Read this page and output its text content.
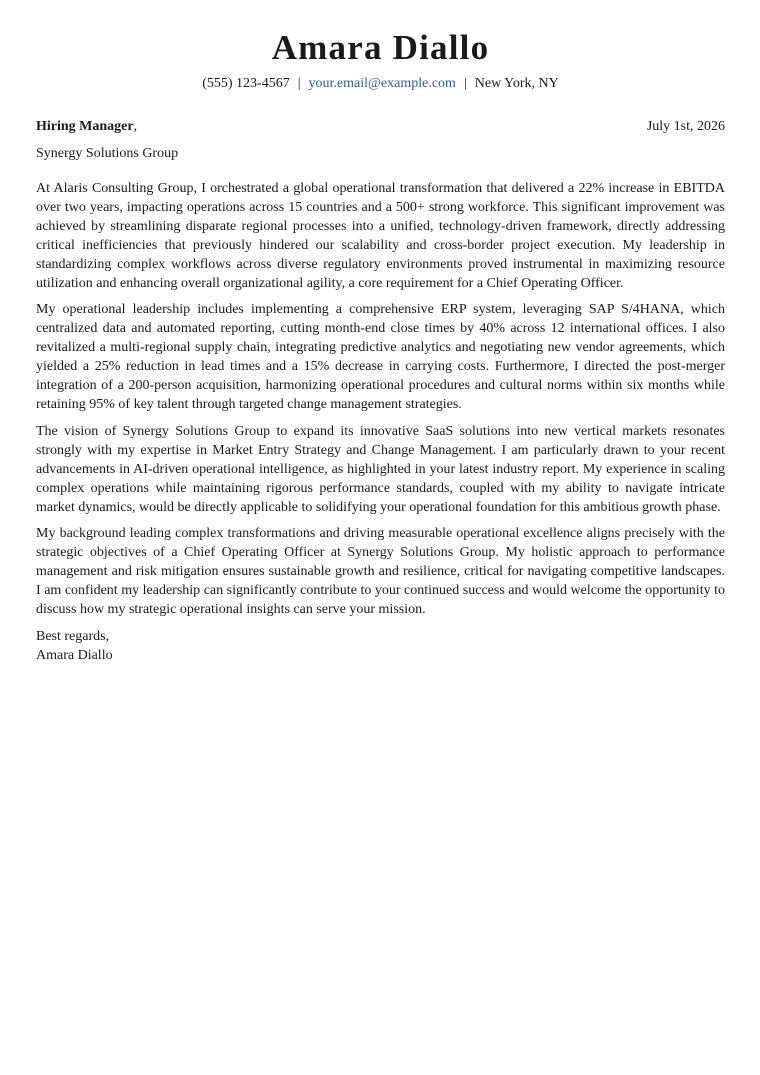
Amara Diallo
(555) 123-4567 | your.email@example.com | New York, NY
Hiring Manager,	July 1st, 2026
Synergy Solutions Group

At Alaris Consulting Group, I orchestrated a global operational transformation that delivered a 22% increase in EBITDA over two years, impacting operations across 15 countries and a 500+ strong workforce. This significant improvement was achieved by streamlining disparate regional processes into a unified, technology-driven framework, directly addressing critical inefficiencies that previously hindered our scalability and cross-border project execution. My leadership in standardizing complex workflows across diverse regulatory environments proved instrumental in maximizing resource utilization and enhancing overall organizational agility, a core requirement for a Chief Operating Officer.

My operational leadership includes implementing a comprehensive ERP system, leveraging SAP S/4HANA, which centralized data and automated reporting, cutting month-end close times by 40% across 12 international offices. I also revitalized a multi-regional supply chain, integrating predictive analytics and negotiating new vendor agreements, which yielded a 25% reduction in lead times and a 15% decrease in carrying costs. Furthermore, I directed the post-merger integration of a 200-person acquisition, harmonizing operational procedures and cultural norms within six months while retaining 95% of key talent through targeted change management strategies.

The vision of Synergy Solutions Group to expand its innovative SaaS solutions into new vertical markets resonates strongly with my expertise in Market Entry Strategy and Change Management. I am particularly drawn to your recent advancements in AI-driven operational intelligence, as highlighted in your latest industry report. My experience in scaling complex operations while maintaining rigorous performance standards, coupled with my ability to navigate intricate market dynamics, would be directly applicable to solidifying your operational foundation for this ambitious growth phase.

My background leading complex transformations and driving measurable operational excellence aligns precisely with the strategic objectives of a Chief Operating Officer at Synergy Solutions Group. My holistic approach to performance management and risk mitigation ensures sustainable growth and resilience, critical for navigating competitive landscapes. I am confident my leadership can significantly contribute to your continued success and would welcome the opportunity to discuss how my strategic operational insights can serve your mission.

Best regards,
Amara Diallo
